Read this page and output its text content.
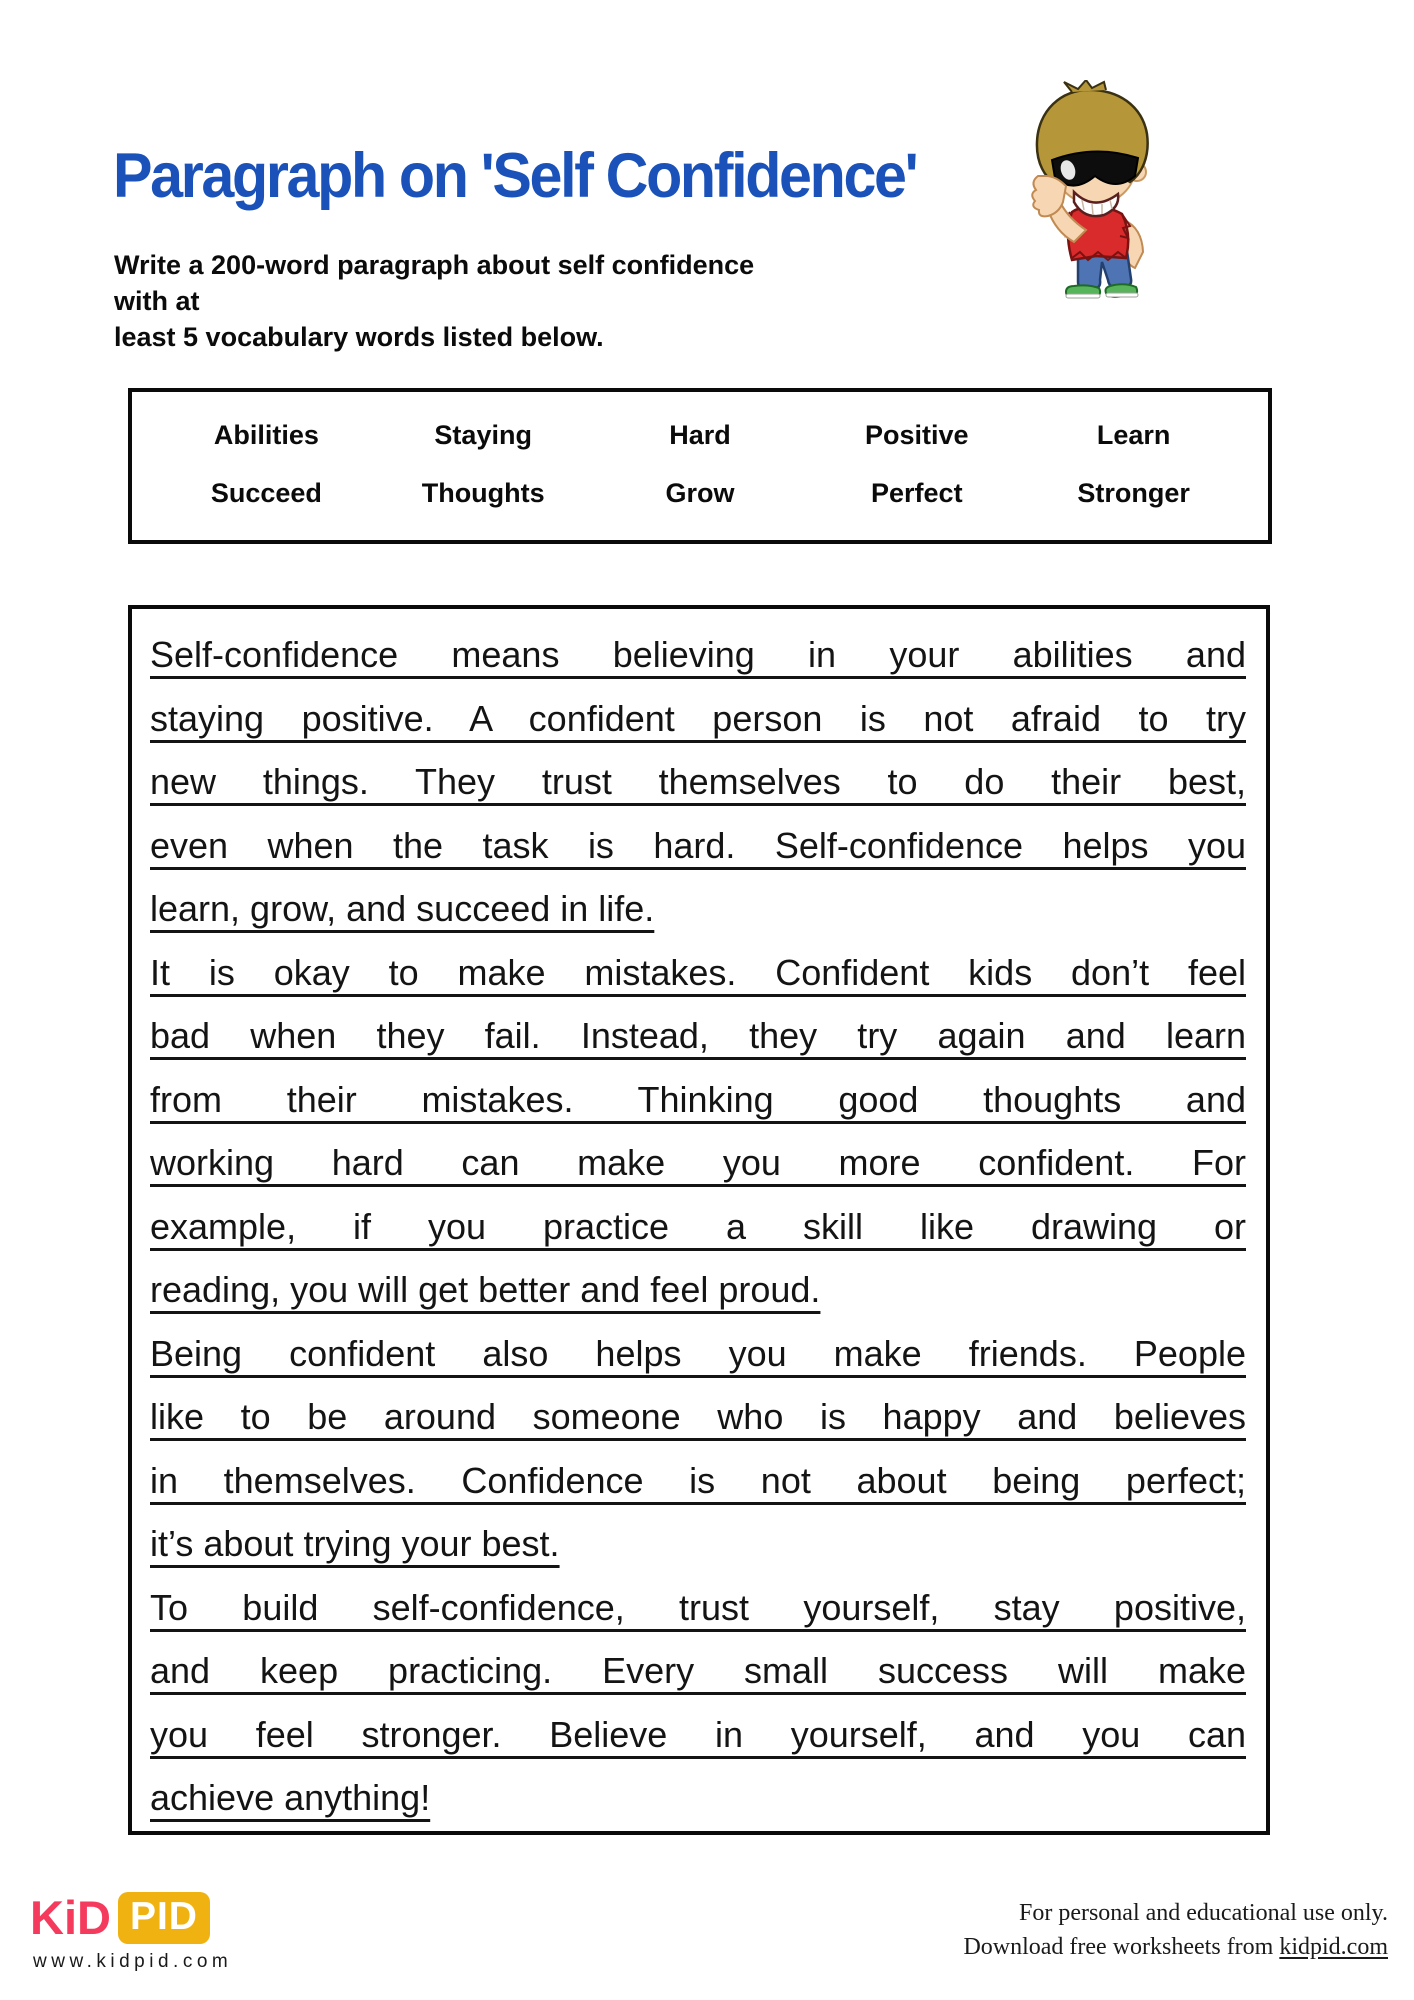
Paragraph on 'Self Confidence'
Write a 200-word paragraph about self confidence with at
least 5 vocabulary words listed below.
Abilities	Staying	Hard	Positive	Learn
Succeed	Thoughts	Grow	Perfect	Stronger
Self-confidence means believing in your abilities and
staying positive. A confident person is not afraid to try
new things. They trust themselves to do their best,
even when the task is hard. Self-confidence helps you
learn, grow, and succeed in life.
It is okay to make mistakes. Confident kids don’t feel
bad when they fail. Instead, they try again and learn
from their mistakes. Thinking good thoughts and
working hard can make you more confident. For
example, if you practice a skill like drawing or
reading, you will get better and feel proud.
Being confident also helps you make friends. People
like to be around someone who is happy and believes
in themselves. Confidence is not about being perfect;
it’s about trying your best.
To build self-confidence, trust yourself, stay positive,
and keep practicing. Every small success will make
you feel stronger. Believe in yourself, and you can
achieve anything!
KiD PID
www.kidpid.com
For personal and educational use only.
Download free worksheets from kidpid.com
